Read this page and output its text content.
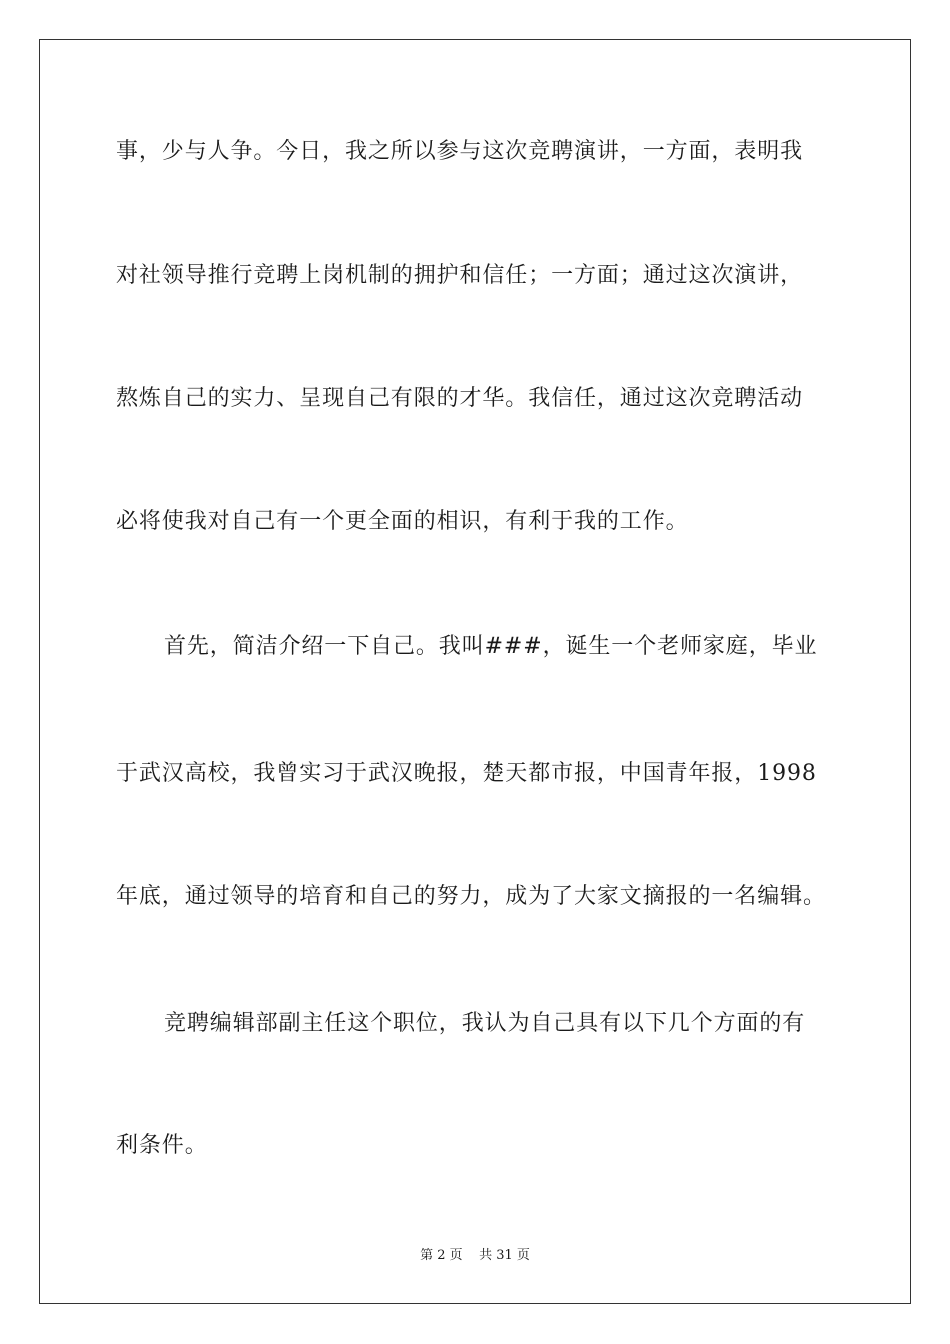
事，少与人争。今日，我之所以参与这次竞聘演讲，一方面，表明我
对社领导推行竞聘上岗机制的拥护和信任；一方面；通过这次演讲，
熬炼自己的实力、呈现自己有限的才华。我信任，通过这次竞聘活动
必将使我对自己有一个更全面的相识，有利于我的工作。
首先，简洁介绍一下自己。我叫###，诞生一个老师家庭，毕业
于武汉高校，我曾实习于武汉晚报，楚天都市报，中国青年报，1998
年底，通过领导的培育和自己的努力，成为了大家文摘报的一名编辑。
竞聘编辑部副主任这个职位，我认为自己具有以下几个方面的有
利条件。
第 2 页    共 31 页
